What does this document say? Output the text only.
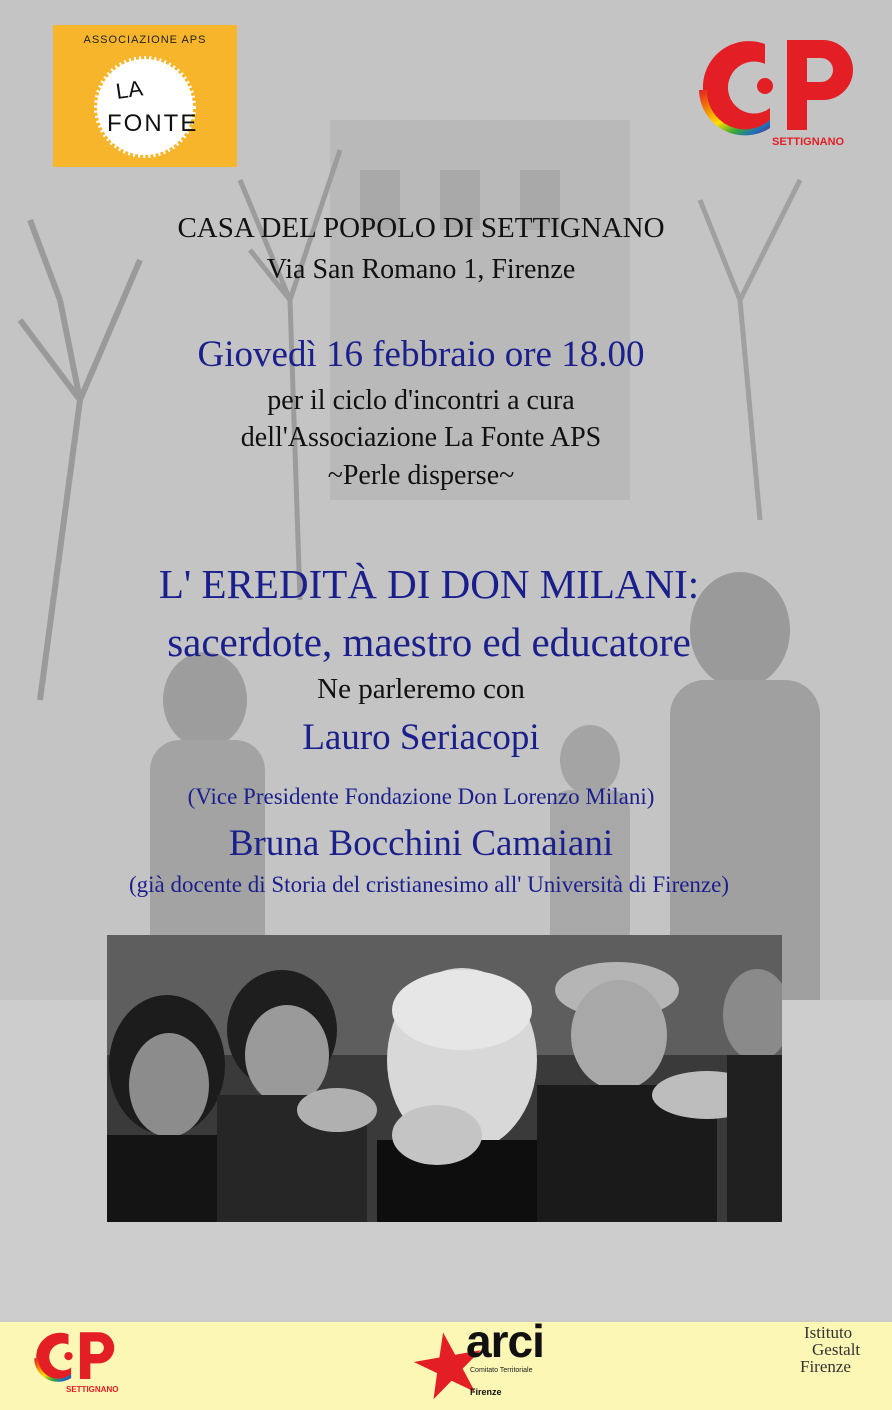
ASSOCIAZIONE APS
LA
FONTE
SETTIGNANO
CASA DEL POPOLO DI SETTIGNANO
Via San Romano 1, Firenze
Giovedì 16 febbraio ore 18.00
per il ciclo d'incontri a cura
dell'Associazione La Fonte APS
~Perle disperse~
L' EREDITÀ DI DON MILANI:
sacerdote, maestro ed educatore
Ne parleremo con
Lauro Seriacopi
(Vice Presidente Fondazione Don Lorenzo Milani)
Bruna Bocchini Camaiani
(già docente di Storia del cristianesimo all' Università di Firenze)
SETTIGNANO
arci
Comitato Territoriale
Firenze
Istituto
Gestalt
Firenze
